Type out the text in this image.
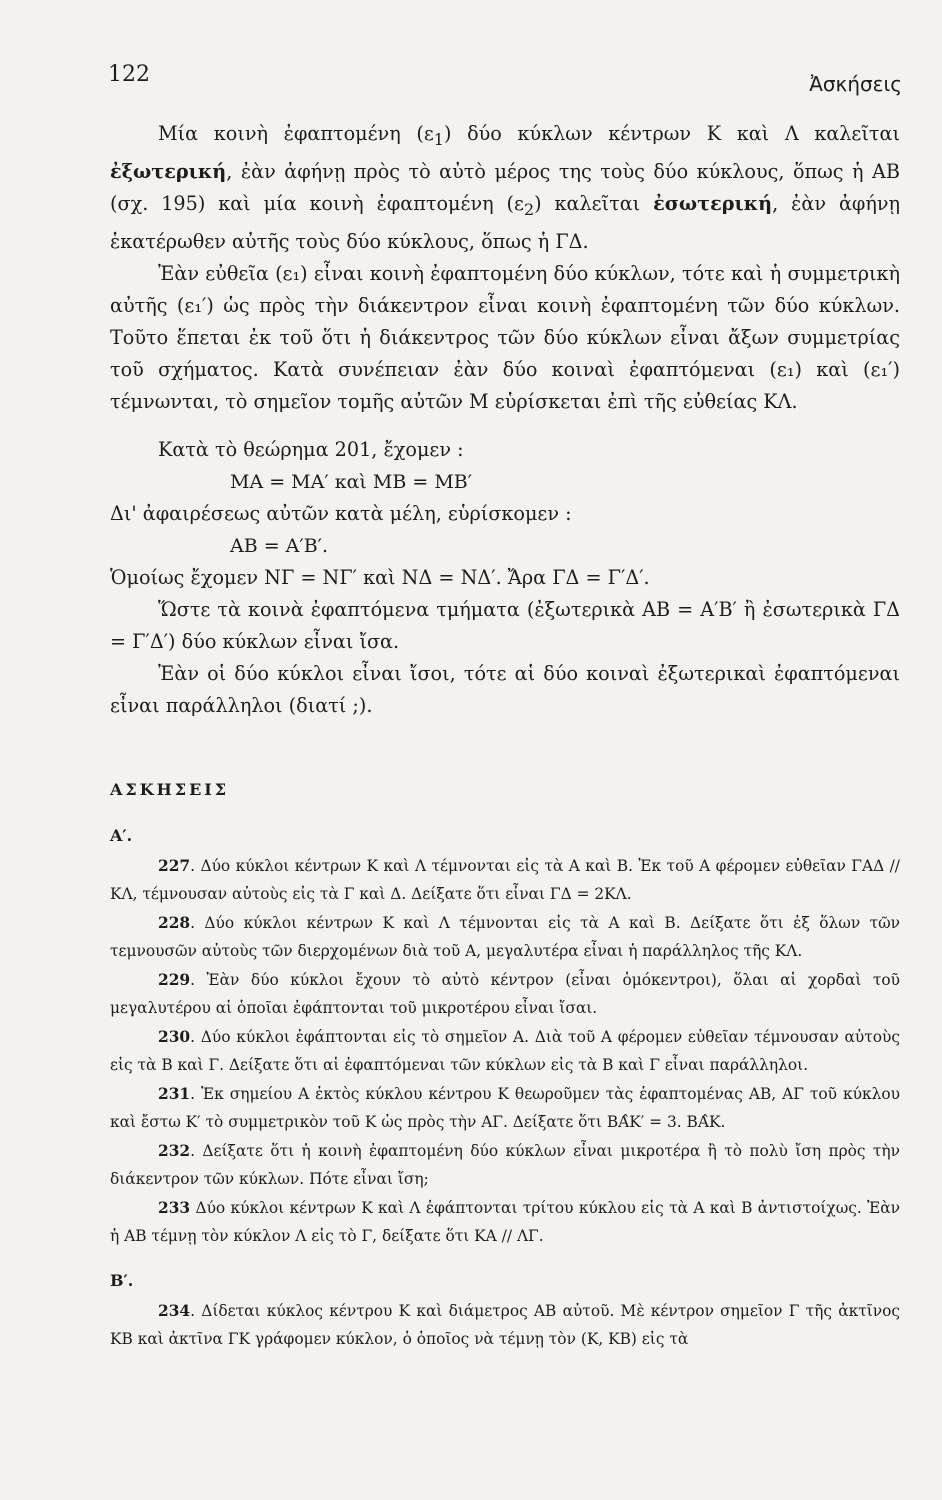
122	Ἀσκήσεις

Μία κοινὴ ἐφαπτομένη $(\varepsilon_1)$ δύο κύκλων κέντρων Κ καὶ Λ καλεῖται ἐξωτερική, ἐὰν ἀφήνῃ πρὸς τὸ αὐτὸ μέρος της τοὺς δύο κύκλους, ὅπως ἡ ΑΒ (σχ. 195) καὶ μία κοινὴ ἐφαπτομένη $(\varepsilon_2)$ καλεῖται ἐσωτερική, ἐὰν ἀφήνῃ ἑκατέρωθεν αὐτῆς τοὺς δύο κύκλους, ὅπως ἡ ΓΔ.

Ἐὰν εὐθεῖα (ε₁) εἶναι κοινὴ ἐφαπτομένη δύο κύκλων, τότε καὶ ἡ συμμετρικὴ αὐτῆς (ε₁′) ὡς πρὸς τὴν διάκεντρον εἶναι κοινὴ ἐφαπτομένη τῶν δύο κύκλων. Τοῦτο ἕπεται ἐκ τοῦ ὅτι ἡ διάκεντρος τῶν δύο κύκλων εἶναι ἄξων συμμετρίας τοῦ σχήματος. Κατὰ συνέπειαν ἐὰν δύο κοιναὶ ἐφαπτόμεναι (ε₁) καὶ (ε₁′) τέμνωνται, τὸ σημεῖον τομῆς αὐτῶν Μ εὑρίσκεται ἐπὶ τῆς εὐθείας ΚΛ.

Κατὰ τὸ θεώρημα 201, ἔχομεν :

ΜΑ = ΜΑ′ καὶ ΜΒ = ΜΒ′

Δι' ἀφαιρέσεως αὐτῶν κατὰ μέλη, εὑρίσκομεν :

ΑΒ = Α′Β′.

Ὁμοίως ἔχομεν ΝΓ = ΝΓ′ καὶ ΝΔ = ΝΔ′. Ἄρα ΓΔ = Γ′Δ′.

Ὥστε τὰ κοινὰ ἐφαπτόμενα τμήματα (ἐξωτερικὰ ΑΒ = Α′Β′ ἢ ἐσωτερικὰ ΓΔ = Γ′Δ′) δύο κύκλων εἶναι ἴσα.

Ἐὰν οἱ δύο κύκλοι εἶναι ἴσοι, τότε αἱ δύο κοιναὶ ἐξωτερικαὶ ἐφαπτόμεναι εἶναι παράλληλοι (διατί ;).

ΑΣΚΗΣΕΙΣ

Α′.

227. Δύο κύκλοι κέντρων Κ καὶ Λ τέμνονται εἰς τὰ Α καὶ Β. Ἐκ τοῦ Α φέρομεν εὐθεῖαν ΓΑΔ // ΚΛ, τέμνουσαν αὐτοὺς εἰς τὰ Γ καὶ Δ. Δείξατε ὅτι εἶναι ΓΔ = 2ΚΛ.

228. Δύο κύκλοι κέντρων Κ καὶ Λ τέμνονται εἰς τὰ Α καὶ Β. Δείξατε ὅτι ἐξ ὅλων τῶν τεμνουσῶν αὐτοὺς τῶν διερχομένων διὰ τοῦ Α, μεγαλυτέρα εἶναι ἡ παράλληλος τῆς ΚΛ.

229. Ἐὰν δύο κύκλοι ἔχουν τὸ αὐτὸ κέντρον (εἶναι ὁμόκεντροι), ὅλαι αἱ χορδαὶ τοῦ μεγαλυτέρου αἱ ὁποῖαι ἐφάπτονται τοῦ μικροτέρου εἶναι ἴσαι.

230. Δύο κύκλοι ἐφάπτονται εἰς τὸ σημεῖον Α. Διὰ τοῦ Α φέρομεν εὐθεῖαν τέμνουσαν αὐτοὺς εἰς τὰ Β καὶ Γ. Δείξατε ὅτι αἱ ἐφαπτόμεναι τῶν κύκλων εἰς τὰ Β καὶ Γ εἶναι παράλληλοι.

231. Ἐκ σημείου Α ἐκτὸς κύκλου κέντρου Κ θεωροῦμεν τὰς ἐφαπτομένας ΑΒ, ΑΓ τοῦ κύκλου καὶ ἔστω Κ′ τὸ συμμετρικὸν τοῦ Κ ὡς πρὸς τὴν ΑΓ. Δείξατε ὅτι ΒΑ̂Κ′ = 3. ΒΑ̂Κ.

232. Δείξατε ὅτι ἡ κοινὴ ἐφαπτομένη δύο κύκλων εἶναι μικροτέρα ἢ τὸ πολὺ ἴση πρὸς τὴν διάκεντρον τῶν κύκλων. Πότε εἶναι ἴση;

233 Δύο κύκλοι κέντρων Κ καὶ Λ ἐφάπτονται τρίτου κύκλου εἰς τὰ Α καὶ Β ἀντιστοίχως. Ἐὰν ἡ ΑΒ τέμνῃ τὸν κύκλον Λ εἰς τὸ Γ, δείξατε ὅτι ΚΑ // ΛΓ.

Β′.

234. Δίδεται κύκλος κέντρου Κ καὶ διάμετρος ΑΒ αὐτοῦ. Μὲ κέντρον σημεῖον Γ τῆς ἀκτῖνος ΚΒ καὶ ἀκτῖνα ΓΚ γράφομεν κύκλον, ὁ ὁποῖος νὰ τέμνῃ τὸν (Κ, ΚΒ) εἰς τὰ
